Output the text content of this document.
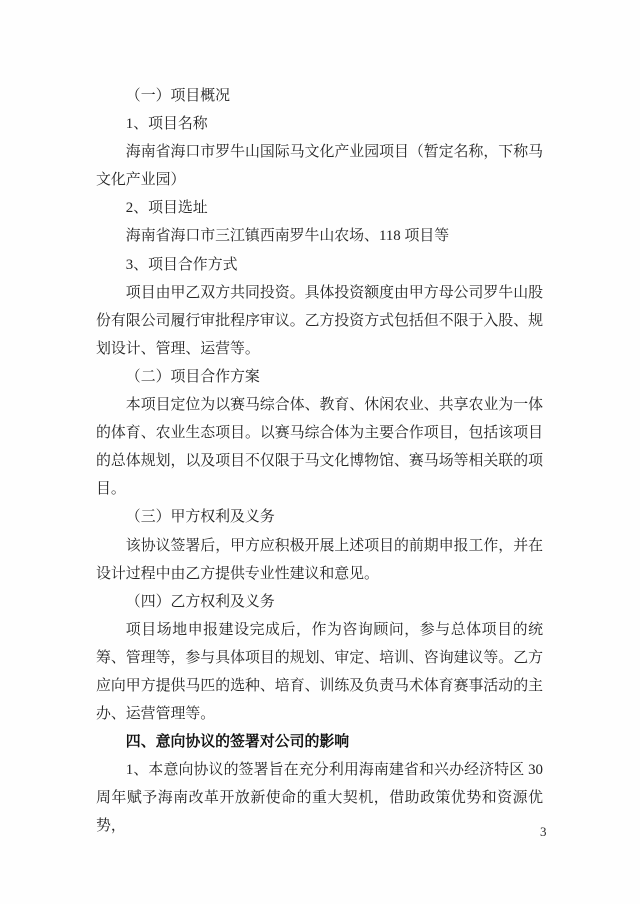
（一）项目概况

1、项目名称

海南省海口市罗牛山国际马文化产业园项目（暂定名称，下称马文化产业园）

2、项目选址

海南省海口市三江镇西南罗牛山农场、118 项目等

3、项目合作方式

项目由甲乙双方共同投资。具体投资额度由甲方母公司罗牛山股份有限公司履行审批程序审议。乙方投资方式包括但不限于入股、规划设计、管理、运营等。

（二）项目合作方案

本项目定位为以赛马综合体、教育、休闲农业、共享农业为一体的体育、农业生态项目。以赛马综合体为主要合作项目，包括该项目的总体规划，以及项目不仅限于马文化博物馆、赛马场等相关联的项目。

（三）甲方权利及义务

该协议签署后，甲方应积极开展上述项目的前期申报工作，并在设计过程中由乙方提供专业性建议和意见。

（四）乙方权利及义务

项目场地申报建设完成后，作为咨询顾问，参与总体项目的统筹、管理等，参与具体项目的规划、审定、培训、咨询建议等。乙方应向甲方提供马匹的选种、培育、训练及负责马术体育赛事活动的主办、运营管理等。

四、意向协议的签署对公司的影响

1、本意向协议的签署旨在充分利用海南建省和兴办经济特区 30 周年赋予海南改革开放新使命的重大契机，借助政策优势和资源优势，	3
